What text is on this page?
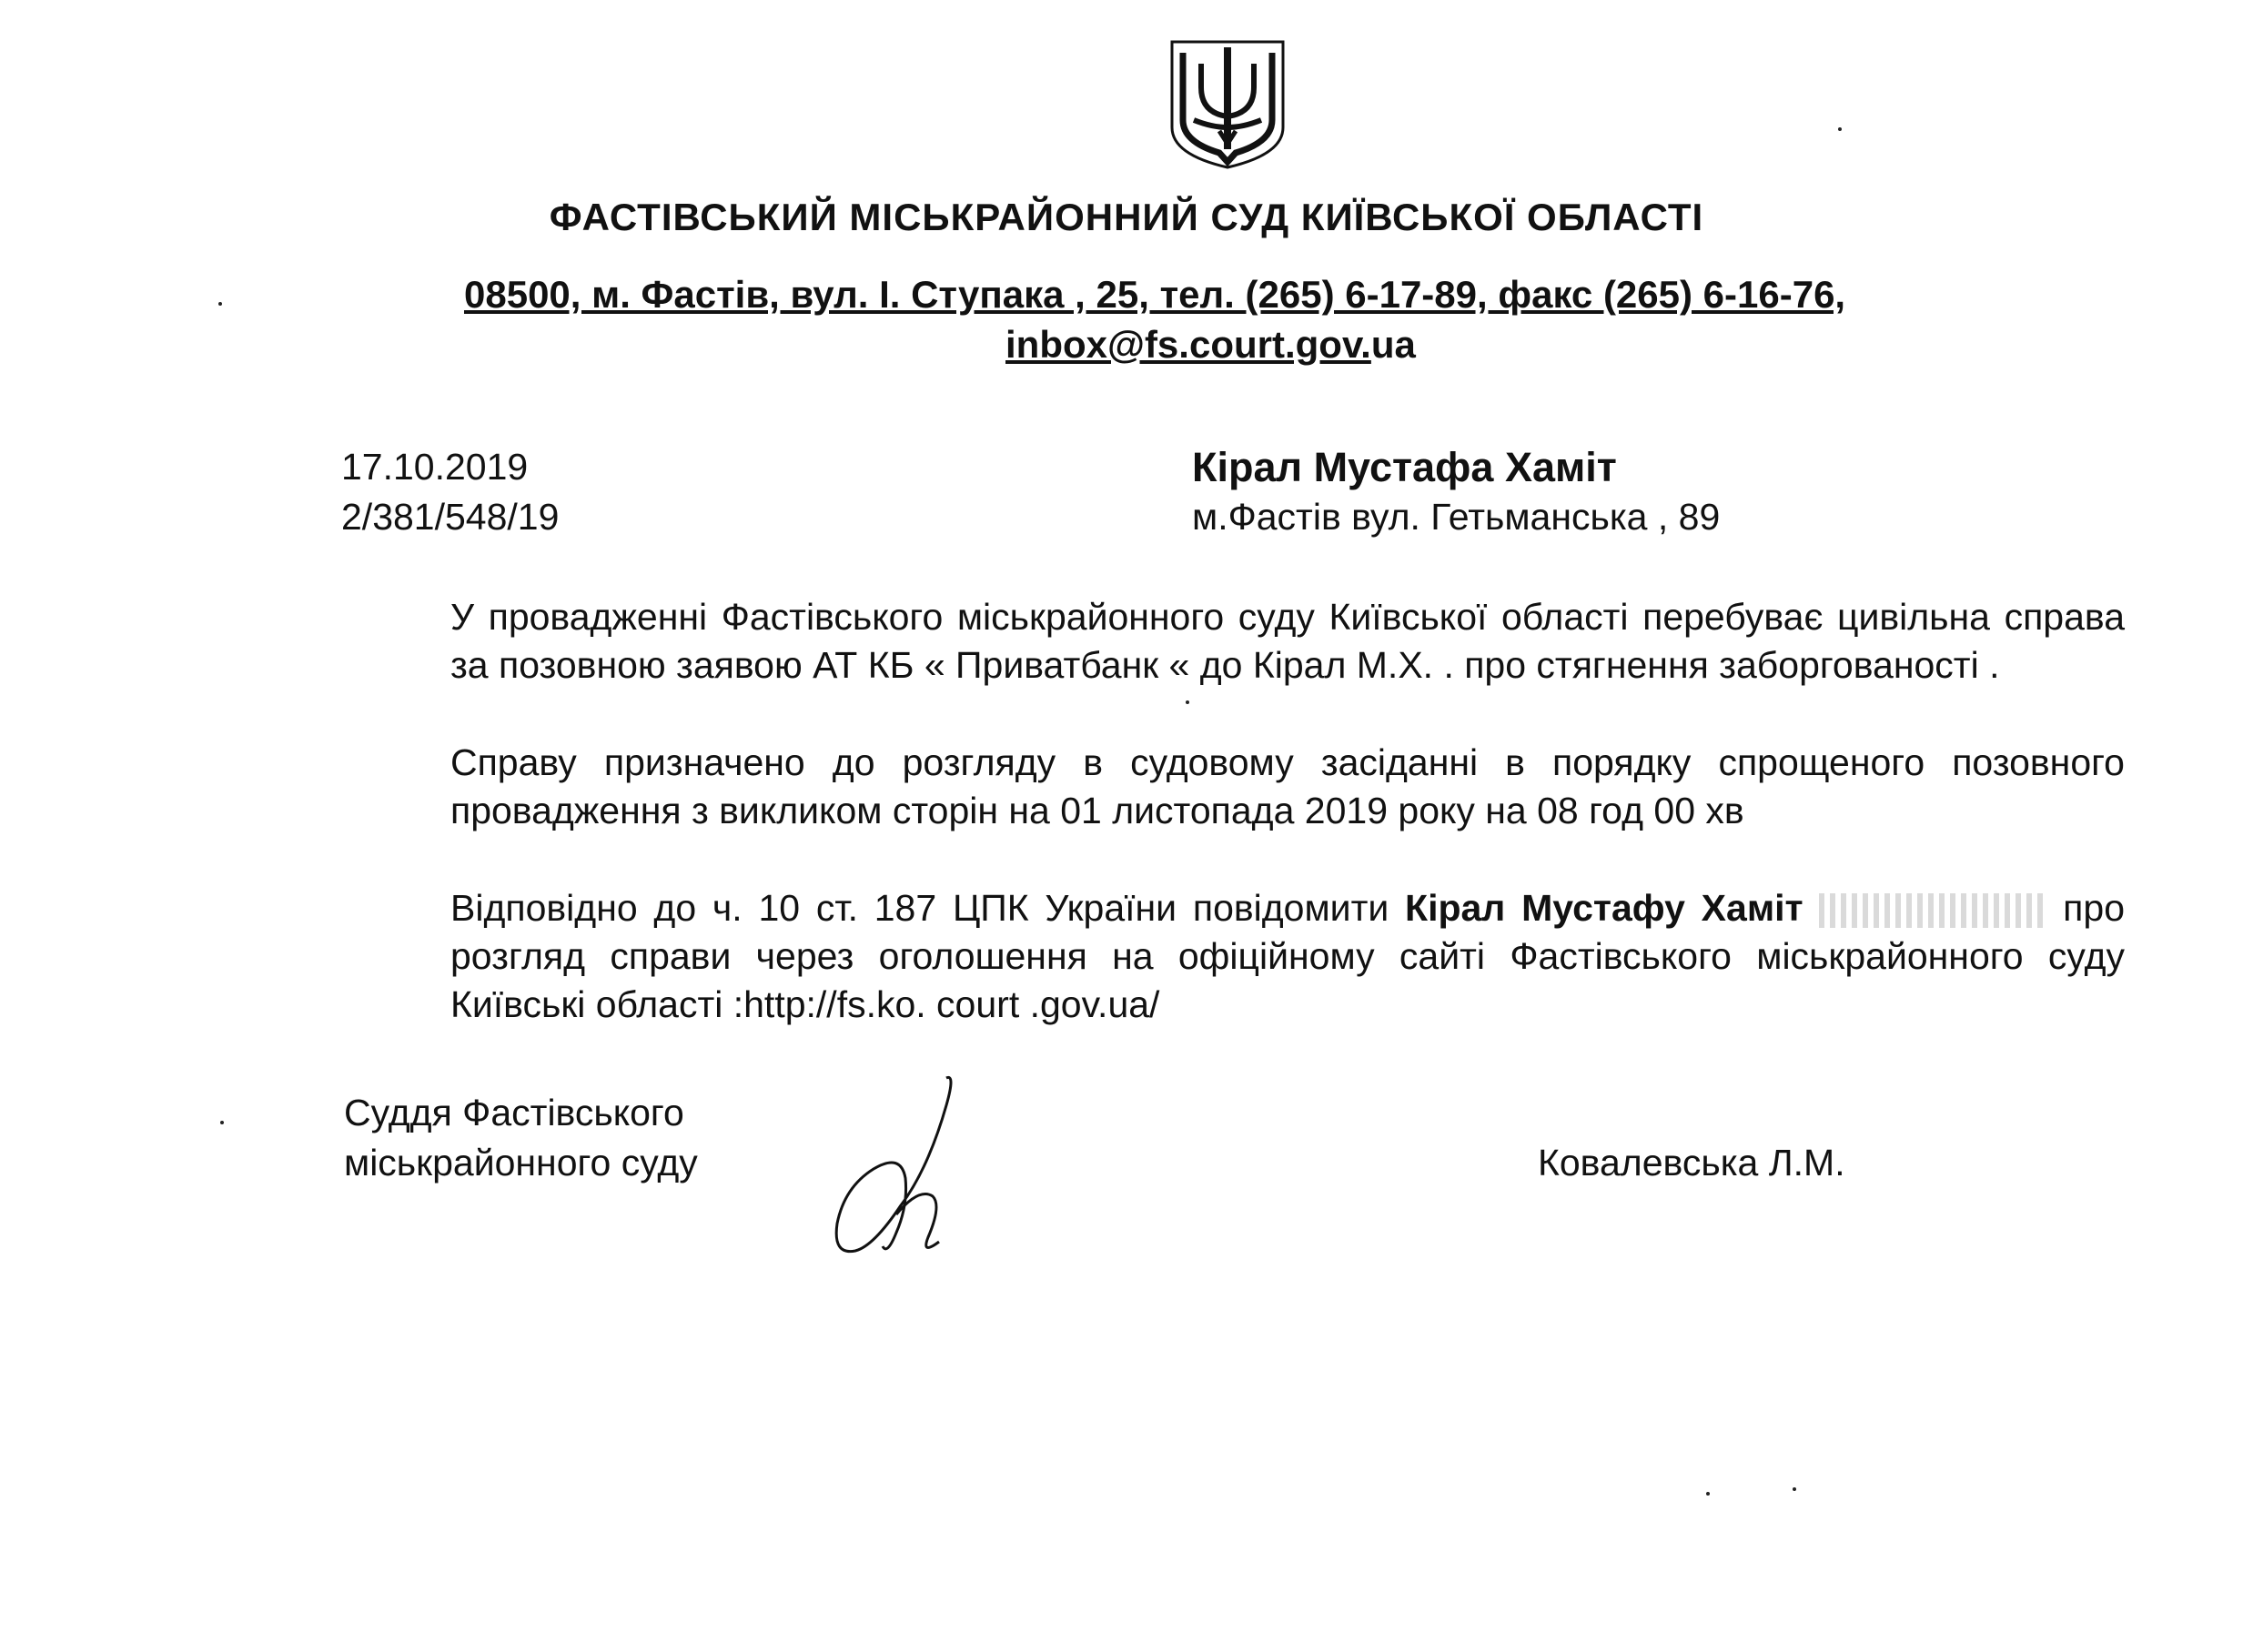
ФАСТІВСЬКИЙ МІСЬКРАЙОННИЙ СУД КИЇВСЬКОЇ ОБЛАСТІ
08500, м. Фастів, вул. І. Ступака , 25, тел. (265) 6-17-89, факс (265) 6-16-76,
inbox@fs.court.gov.ua
17.10.2019
2/381/548/19
Кірал Мустафа Хаміт
м.Фастів вул. Гетьманська , 89
У провадженні Фастівського міськрайонного суду Київської області перебуває цивільна справа за позовною заявою АТ КБ « Приватбанк « до Кірал М.Х. . про стягнення заборгованості .
Справу призначено до розгляду в судовому засіданні в порядку спрощеного позовного провадження з викликом сторін на 01 листопада 2019 року на 08 год 00 хв
Відповідно до ч. 10 ст. 187 ЦПК України повідомити Кірал Мустафу Хаміт	про розгляд справи через оголошення на офіційному сайті Фастівського міськрайонного суду Київські області :http://fs.ko. court .gov.ua/
Суддя Фастівського
міськрайонного суду	Ковалевська Л.М.
